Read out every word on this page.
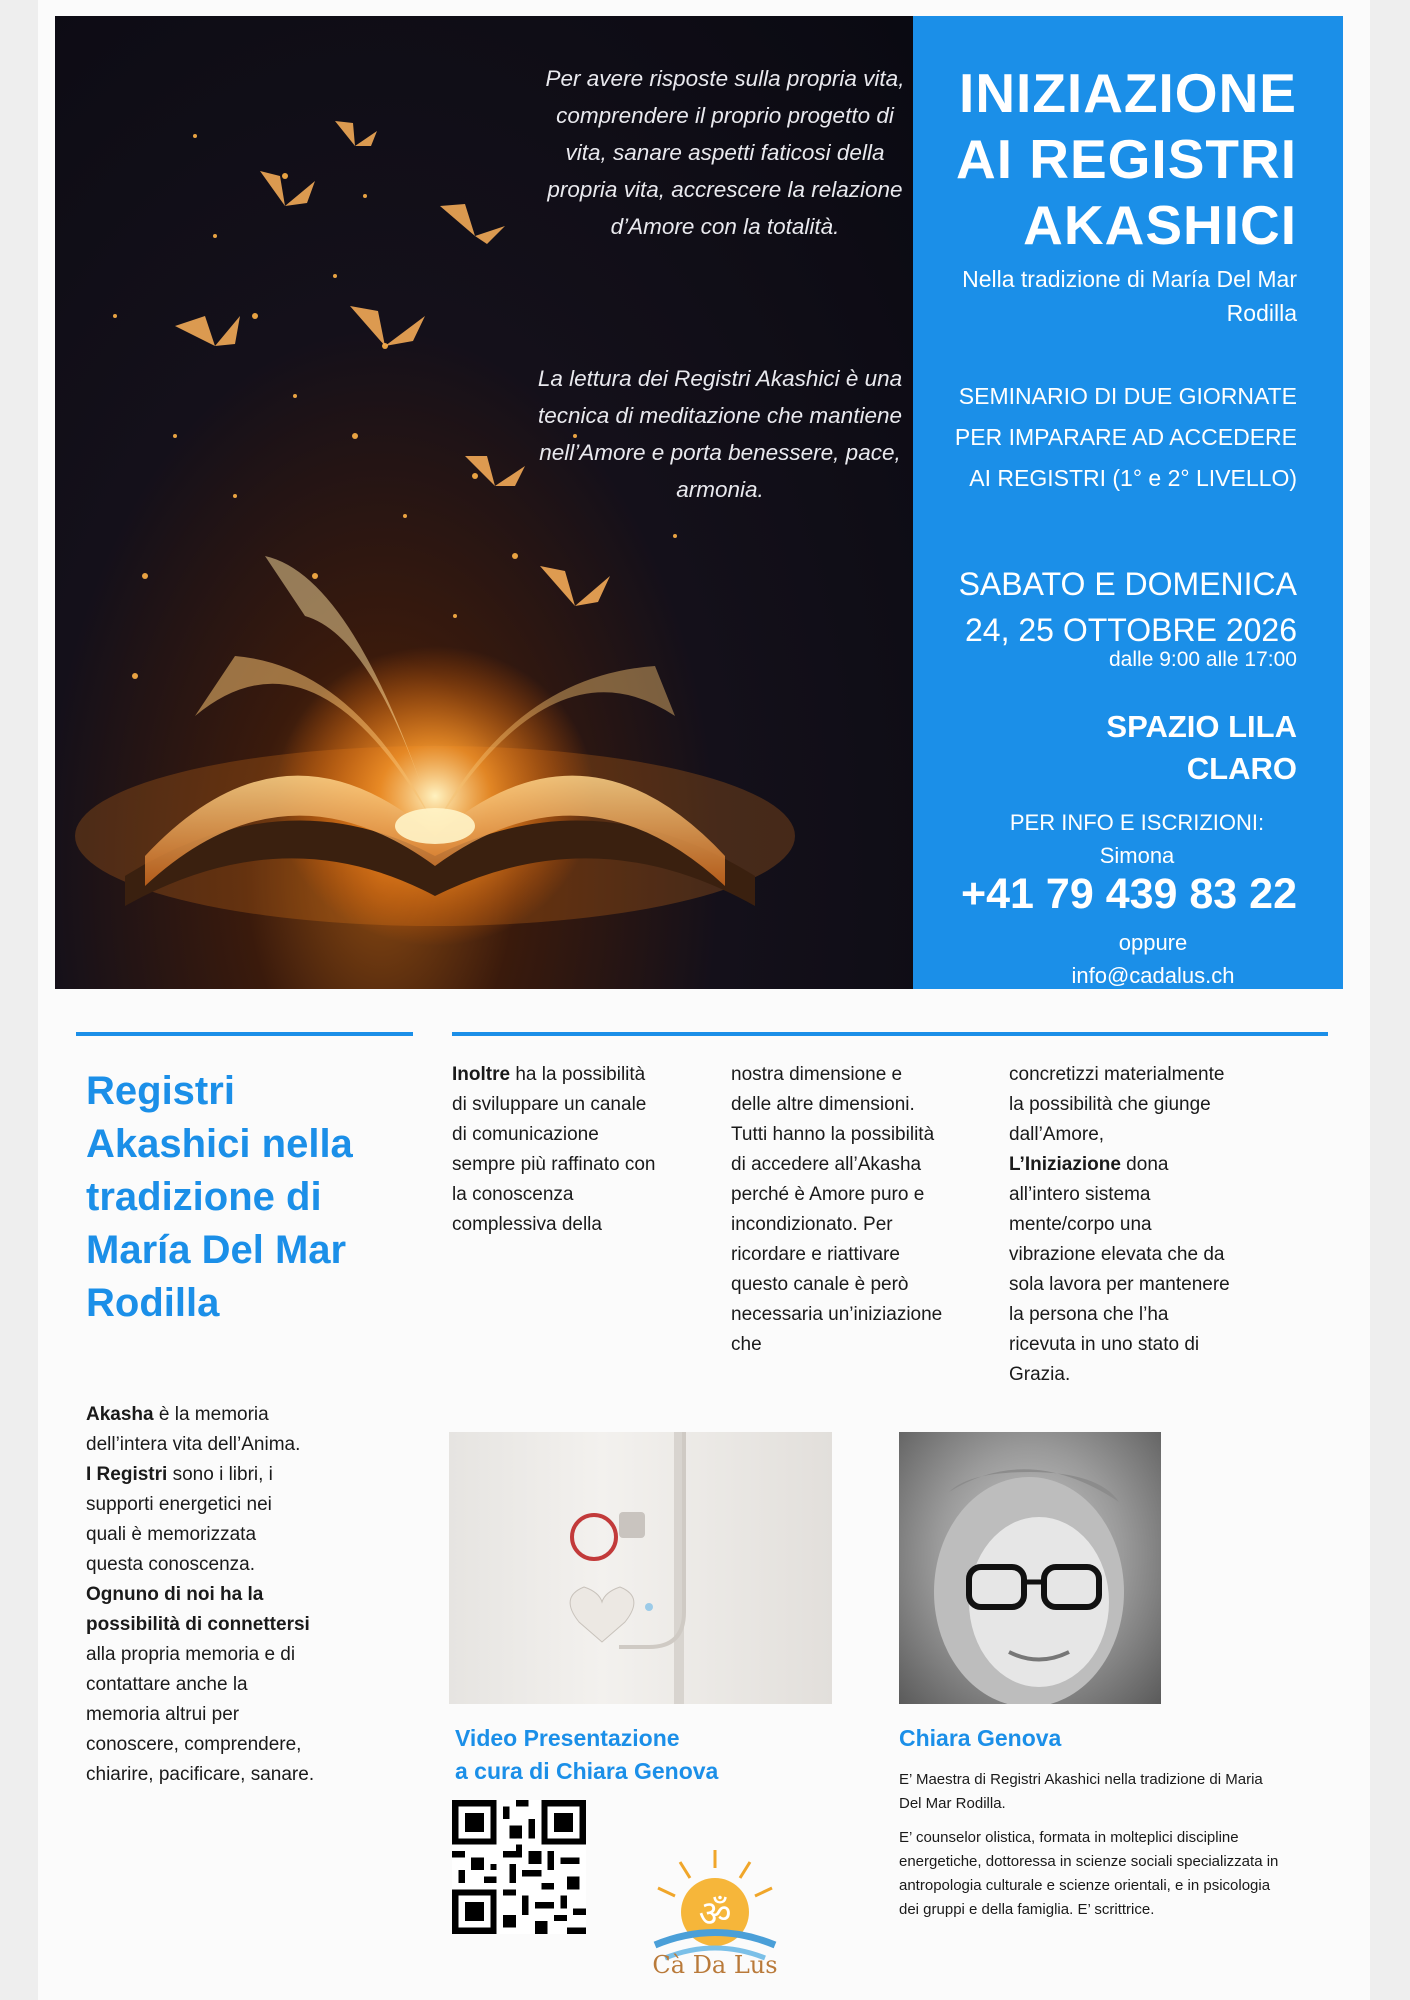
Per avere risposte sulla propria vita, comprendere il proprio progetto di vita, sanare aspetti faticosi della propria vita, accrescere la relazione d’Amore con la totalità.
La lettura dei Registri Akashici è una tecnica di meditazione che mantiene nell’Amore e porta benessere, pace, armonia.
INIZIAZIONE AI REGISTRI AKASHICI
Nella tradizione di María Del Mar Rodilla
SEMINARIO DI DUE GIORNATE PER IMPARARE AD ACCEDERE AI REGISTRI (1° e 2° LIVELLO)
SABATO E DOMENICA
24, 25 OTTOBRE 2026
dalle 9:00 alle 17:00
SPAZIO LILA CLARO
PER INFO E ISCRIZIONI:
Simona
+41 79 439 83 22
oppure
info@cadalus.ch
Registri Akashici nella tradizione di María Del Mar Rodilla
Akasha è la memoria dell’intera vita dell’Anima.
I Registri sono i libri, i supporti energetici nei quali è memorizzata questa conoscenza.
Ognuno di noi ha la possibilità di connettersi alla propria memoria e di contattare anche la memoria altrui per conoscere, comprendere, chiarire, pacificare, sanare.
Inoltre ha la possibilità di sviluppare un canale di comunicazione sempre più raffinato con la conoscenza complessiva della
nostra dimensione e delle altre dimensioni. Tutti hanno la possibilità di accedere all’Akasha perché è Amore puro e incondizionato. Per ricordare e riattivare questo canale è però necessaria un’iniziazione che
concretizzi materialmente la possibilità che giunge dall’Amore,
L’Iniziazione dona all’intero sistema mente/corpo una vibrazione elevata che da sola lavora per mantenere la persona che l’ha ricevuta in uno stato di Grazia.
Video Presentazione
a cura di Chiara Genova
Chiara Genova
E’ Maestra di Registri Akashici nella tradizione di Maria Del Mar Rodilla.
E’ counselor olistica, formata in molteplici discipline energetiche, dottoressa in scienze sociali specializzata in antropologia culturale e scienze orientali, e in psicologia dei gruppi e della famiglia. E’ scrittrice.
ॐ
Cà Da Lus
